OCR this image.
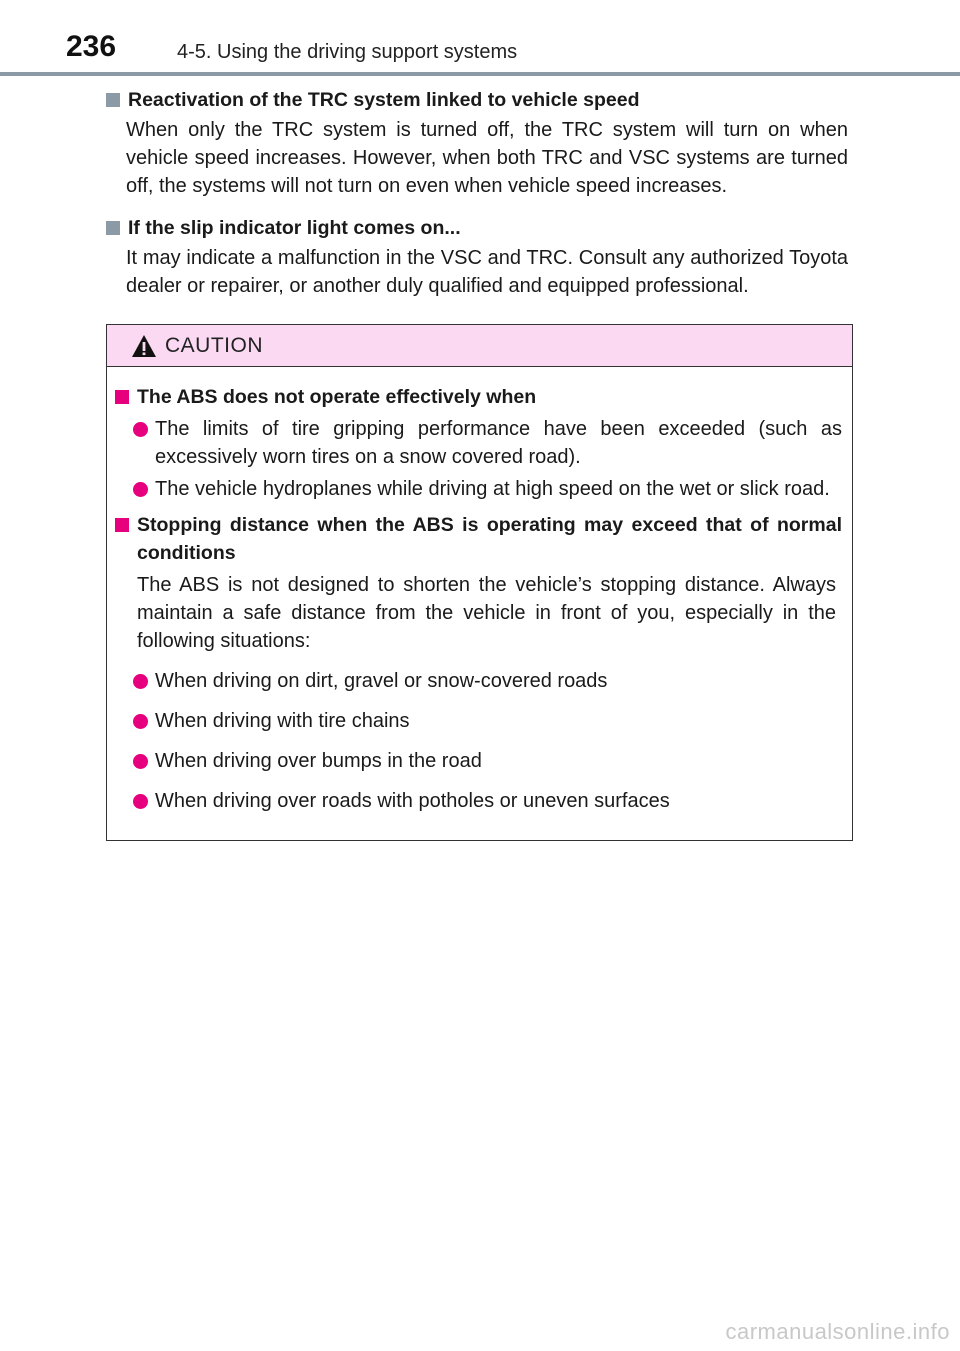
236	4-5. Using the driving support systems
Reactivation of the TRC system linked to vehicle speed
When only the TRC system is turned off, the TRC system will turn on when vehicle speed increases. However, when both TRC and VSC systems are turned off, the systems will not turn on even when vehicle speed increases.
If the slip indicator light comes on...
It may indicate a malfunction in the VSC and TRC. Consult any authorized Toyota dealer or repairer, or another duly qualified and equipped professional.
CAUTION
The ABS does not operate effectively when
The limits of tire gripping performance have been exceeded (such as excessively worn tires on a snow covered road).
The vehicle hydroplanes while driving at high speed on the wet or slick road.
Stopping distance when the ABS is operating may exceed that of normal conditions
The ABS is not designed to shorten the vehicle’s stopping distance. Always maintain a safe distance from the vehicle in front of you, especially in the following situations:
When driving on dirt, gravel or snow-covered roads
When driving with tire chains
When driving over bumps in the road
When driving over roads with potholes or uneven surfaces
carmanualsonline.info
